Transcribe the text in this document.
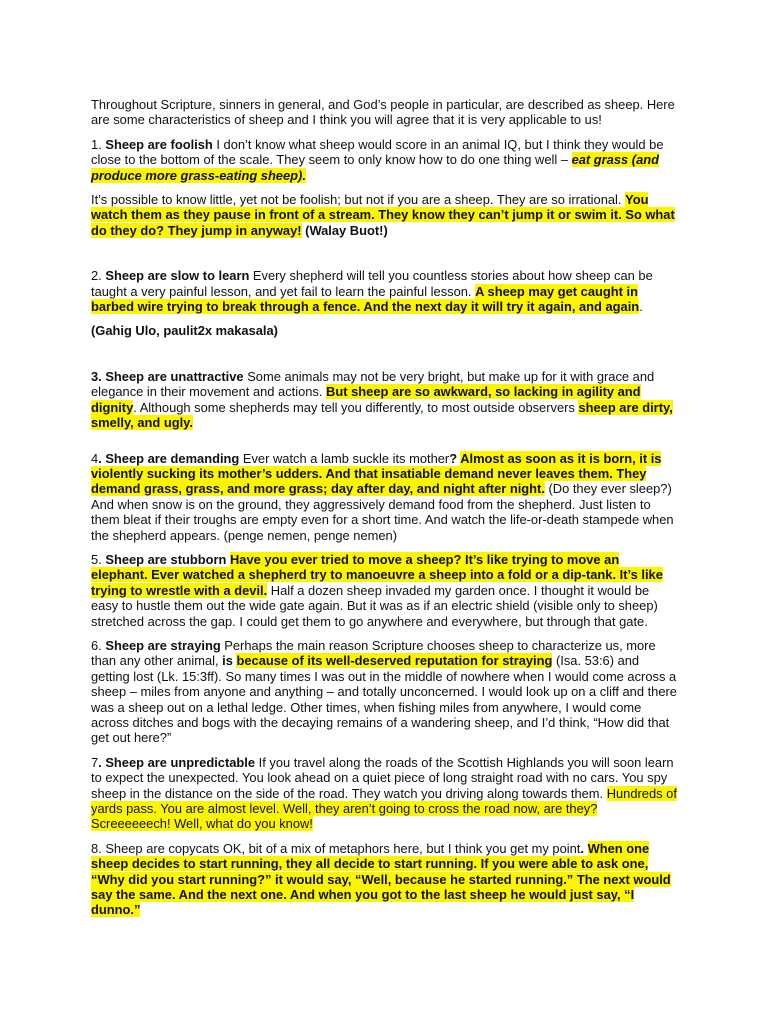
Throughout Scripture, sinners in general, and God’s people in particular, are described as sheep. Here are some characteristics of sheep and I think you will agree that it is very applicable to us!

1. Sheep are foolish I don’t know what sheep would score in an animal IQ, but I think they would be close to the bottom of the scale. They seem to only know how to do one thing well – eat grass (and produce more grass-eating sheep).

It’s possible to know little, yet not be foolish; but not if you are a sheep. They are so irrational. You watch them as they pause in front of a stream. They know they can’t jump it or swim it. So what do they do? They jump in anyway! (Walay Buot!)

2. Sheep are slow to learn Every shepherd will tell you countless stories about how sheep can be taught a very painful lesson, and yet fail to learn the painful lesson. A sheep may get caught in barbed wire trying to break through a fence. And the next day it will try it again, and again.

(Gahig Ulo, paulit2x makasala)

3. Sheep are unattractive Some animals may not be very bright, but make up for it with grace and elegance in their movement and actions. But sheep are so awkward, so lacking in agility and dignity. Although some shepherds may tell you differently, to most outside observers sheep are dirty, smelly, and ugly.

4. Sheep are demanding Ever watch a lamb suckle its mother? Almost as soon as it is born, it is violently sucking its mother’s udders. And that insatiable demand never leaves them. They demand grass, grass, and more grass; day after day, and night after night. (Do they ever sleep?) And when snow is on the ground, they aggressively demand food from the shepherd. Just listen to them bleat if their troughs are empty even for a short time. And watch the life-or-death stampede when the shepherd appears. (penge nemen, penge nemen)

5. Sheep are stubborn Have you ever tried to move a sheep? It’s like trying to move an elephant. Ever watched a shepherd try to manoeuvre a sheep into a fold or a dip-tank. It’s like trying to wrestle with a devil. Half a dozen sheep invaded my garden once. I thought it would be easy to hustle them out the wide gate again. But it was as if an electric shield (visible only to sheep) stretched across the gap. I could get them to go anywhere and everywhere, but through that gate.

6. Sheep are straying Perhaps the main reason Scripture chooses sheep to characterize us, more than any other animal, is because of its well-deserved reputation for straying (Isa. 53:6) and getting lost (Lk. 15:3ff). So many times I was out in the middle of nowhere when I would come across a sheep – miles from anyone and anything – and totally unconcerned. I would look up on a cliff and there was a sheep out on a lethal ledge. Other times, when fishing miles from anywhere, I would come across ditches and bogs with the decaying remains of a wandering sheep, and I’d think, “How did that get out here?”

7. Sheep are unpredictable If you travel along the roads of the Scottish Highlands you will soon learn to expect the unexpected. You look ahead on a quiet piece of long straight road with no cars. You spy sheep in the distance on the side of the road. They watch you driving along towards them. Hundreds of yards pass. You are almost level. Well, they aren’t going to cross the road now, are they? Screeeeeech! Well, what do you know!

8. Sheep are copycats OK, bit of a mix of metaphors here, but I think you get my point. When one sheep decides to start running, they all decide to start running. If you were able to ask one, “Why did you start running?” it would say, “Well, because he started running.” The next would say the same. And the next one. And when you got to the last sheep he would just say, “I dunno.”
